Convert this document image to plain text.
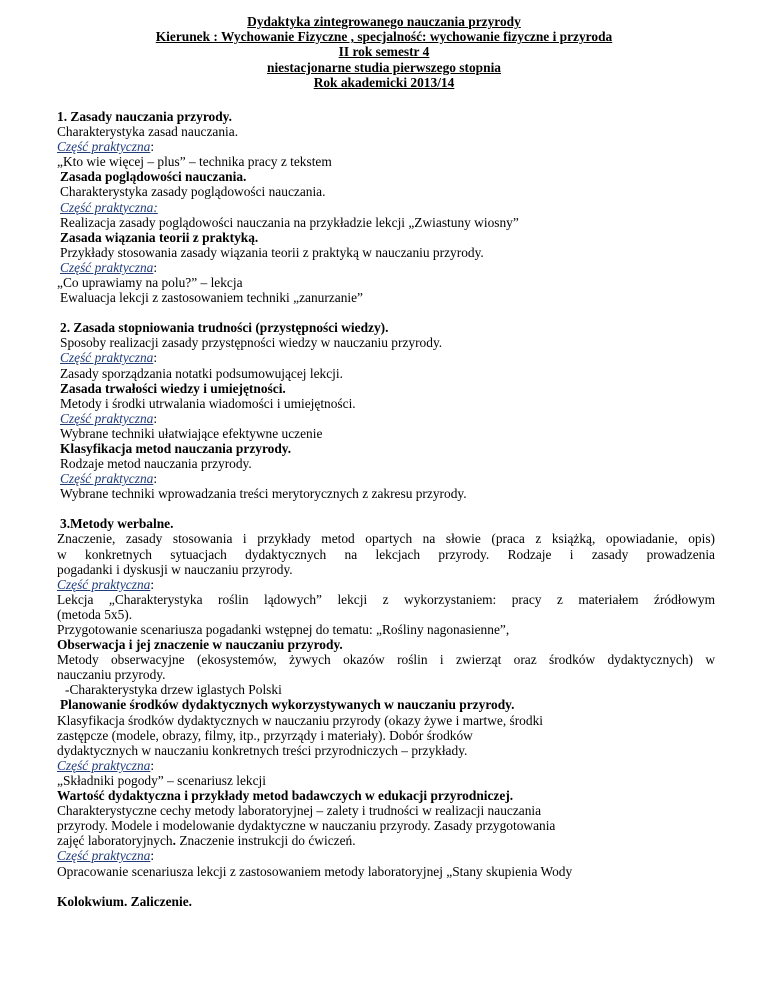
Dydaktyka zintegrowanego nauczania przyrody
Kierunek : Wychowanie Fizyczne , specjalność: wychowanie fizyczne i przyroda
II rok semestr 4
niestacjonarne studia pierwszego stopnia
Rok akademicki 2013/14
1. Zasady nauczania przyrody.
Charakterystyka zasad nauczania.
Część praktyczna:
„Kto wie więcej – plus” – technika pracy z tekstem
Zasada poglądowości nauczania.
Charakterystyka zasady poglądowości nauczania.
Część praktyczna:
Realizacja zasady poglądowości nauczania na przykładzie lekcji „Zwiastuny wiosny”
Zasada wiązania teorii z praktyką.
Przykłady stosowania zasady wiązania teorii z praktyką w nauczaniu przyrody.
Część praktyczna:
„Co uprawiamy na polu?” – lekcja
Ewaluacja lekcji z zastosowaniem techniki „zanurzanie”
2. Zasada stopniowania trudności (przystępności wiedzy).
Sposoby realizacji zasady przystępności wiedzy w nauczaniu przyrody.
Część praktyczna:
Zasady sporządzania notatki podsumowującej lekcji.
Zasada trwałości wiedzy i umiejętności.
Metody i środki utrwalania wiadomości i umiejętności.
Część praktyczna:
Wybrane techniki ułatwiające efektywne uczenie
Klasyfikacja metod nauczania przyrody.
Rodzaje metod nauczania przyrody.
Część praktyczna:
Wybrane techniki wprowadzania treści merytorycznych z zakresu przyrody.
3.Metody werbalne.
Znaczenie, zasady stosowania i przykłady metod opartych na słowie (praca z książką, opowiadanie, opis)
w konkretnych sytuacjach dydaktycznych na lekcjach przyrody. Rodzaje i zasady prowadzenia
pogadanki i dyskusji w nauczaniu przyrody.
Część praktyczna:
Lekcja „Charakterystyka roślin lądowych” lekcji z wykorzystaniem: pracy z materiałem źródłowym
(metoda 5x5).
Przygotowanie scenariusza pogadanki wstępnej do tematu: „Rośliny nagonasienne”,
Obserwacja i jej znaczenie w nauczaniu przyrody.
Metody obserwacyjne (ekosystemów, żywych okazów roślin i zwierząt oraz środków dydaktycznych) w
nauczaniu przyrody.
-Charakterystyka drzew iglastych Polski
Planowanie środków dydaktycznych wykorzystywanych w nauczaniu przyrody.
Klasyfikacja środków dydaktycznych w nauczaniu przyrody (okazy żywe i martwe, środki
zastępcze (modele, obrazy, filmy, itp., przyrządy i materiały). Dobór środków
dydaktycznych w nauczaniu konkretnych treści przyrodniczych – przykłady.
Część praktyczna:
„Składniki pogody” – scenariusz lekcji
Wartość dydaktyczna i przykłady metod badawczych w edukacji przyrodniczej.
Charakterystyczne cechy metody laboratoryjnej – zalety i trudności w realizacji nauczania
przyrody. Modele i modelowanie dydaktyczne w nauczaniu przyrody. Zasady przygotowania
zajęć laboratoryjnych. Znaczenie instrukcji do ćwiczeń.
Część praktyczna:
Opracowanie scenariusza lekcji z zastosowaniem metody laboratoryjnej „Stany skupienia Wody
Kolokwium. Zaliczenie.
